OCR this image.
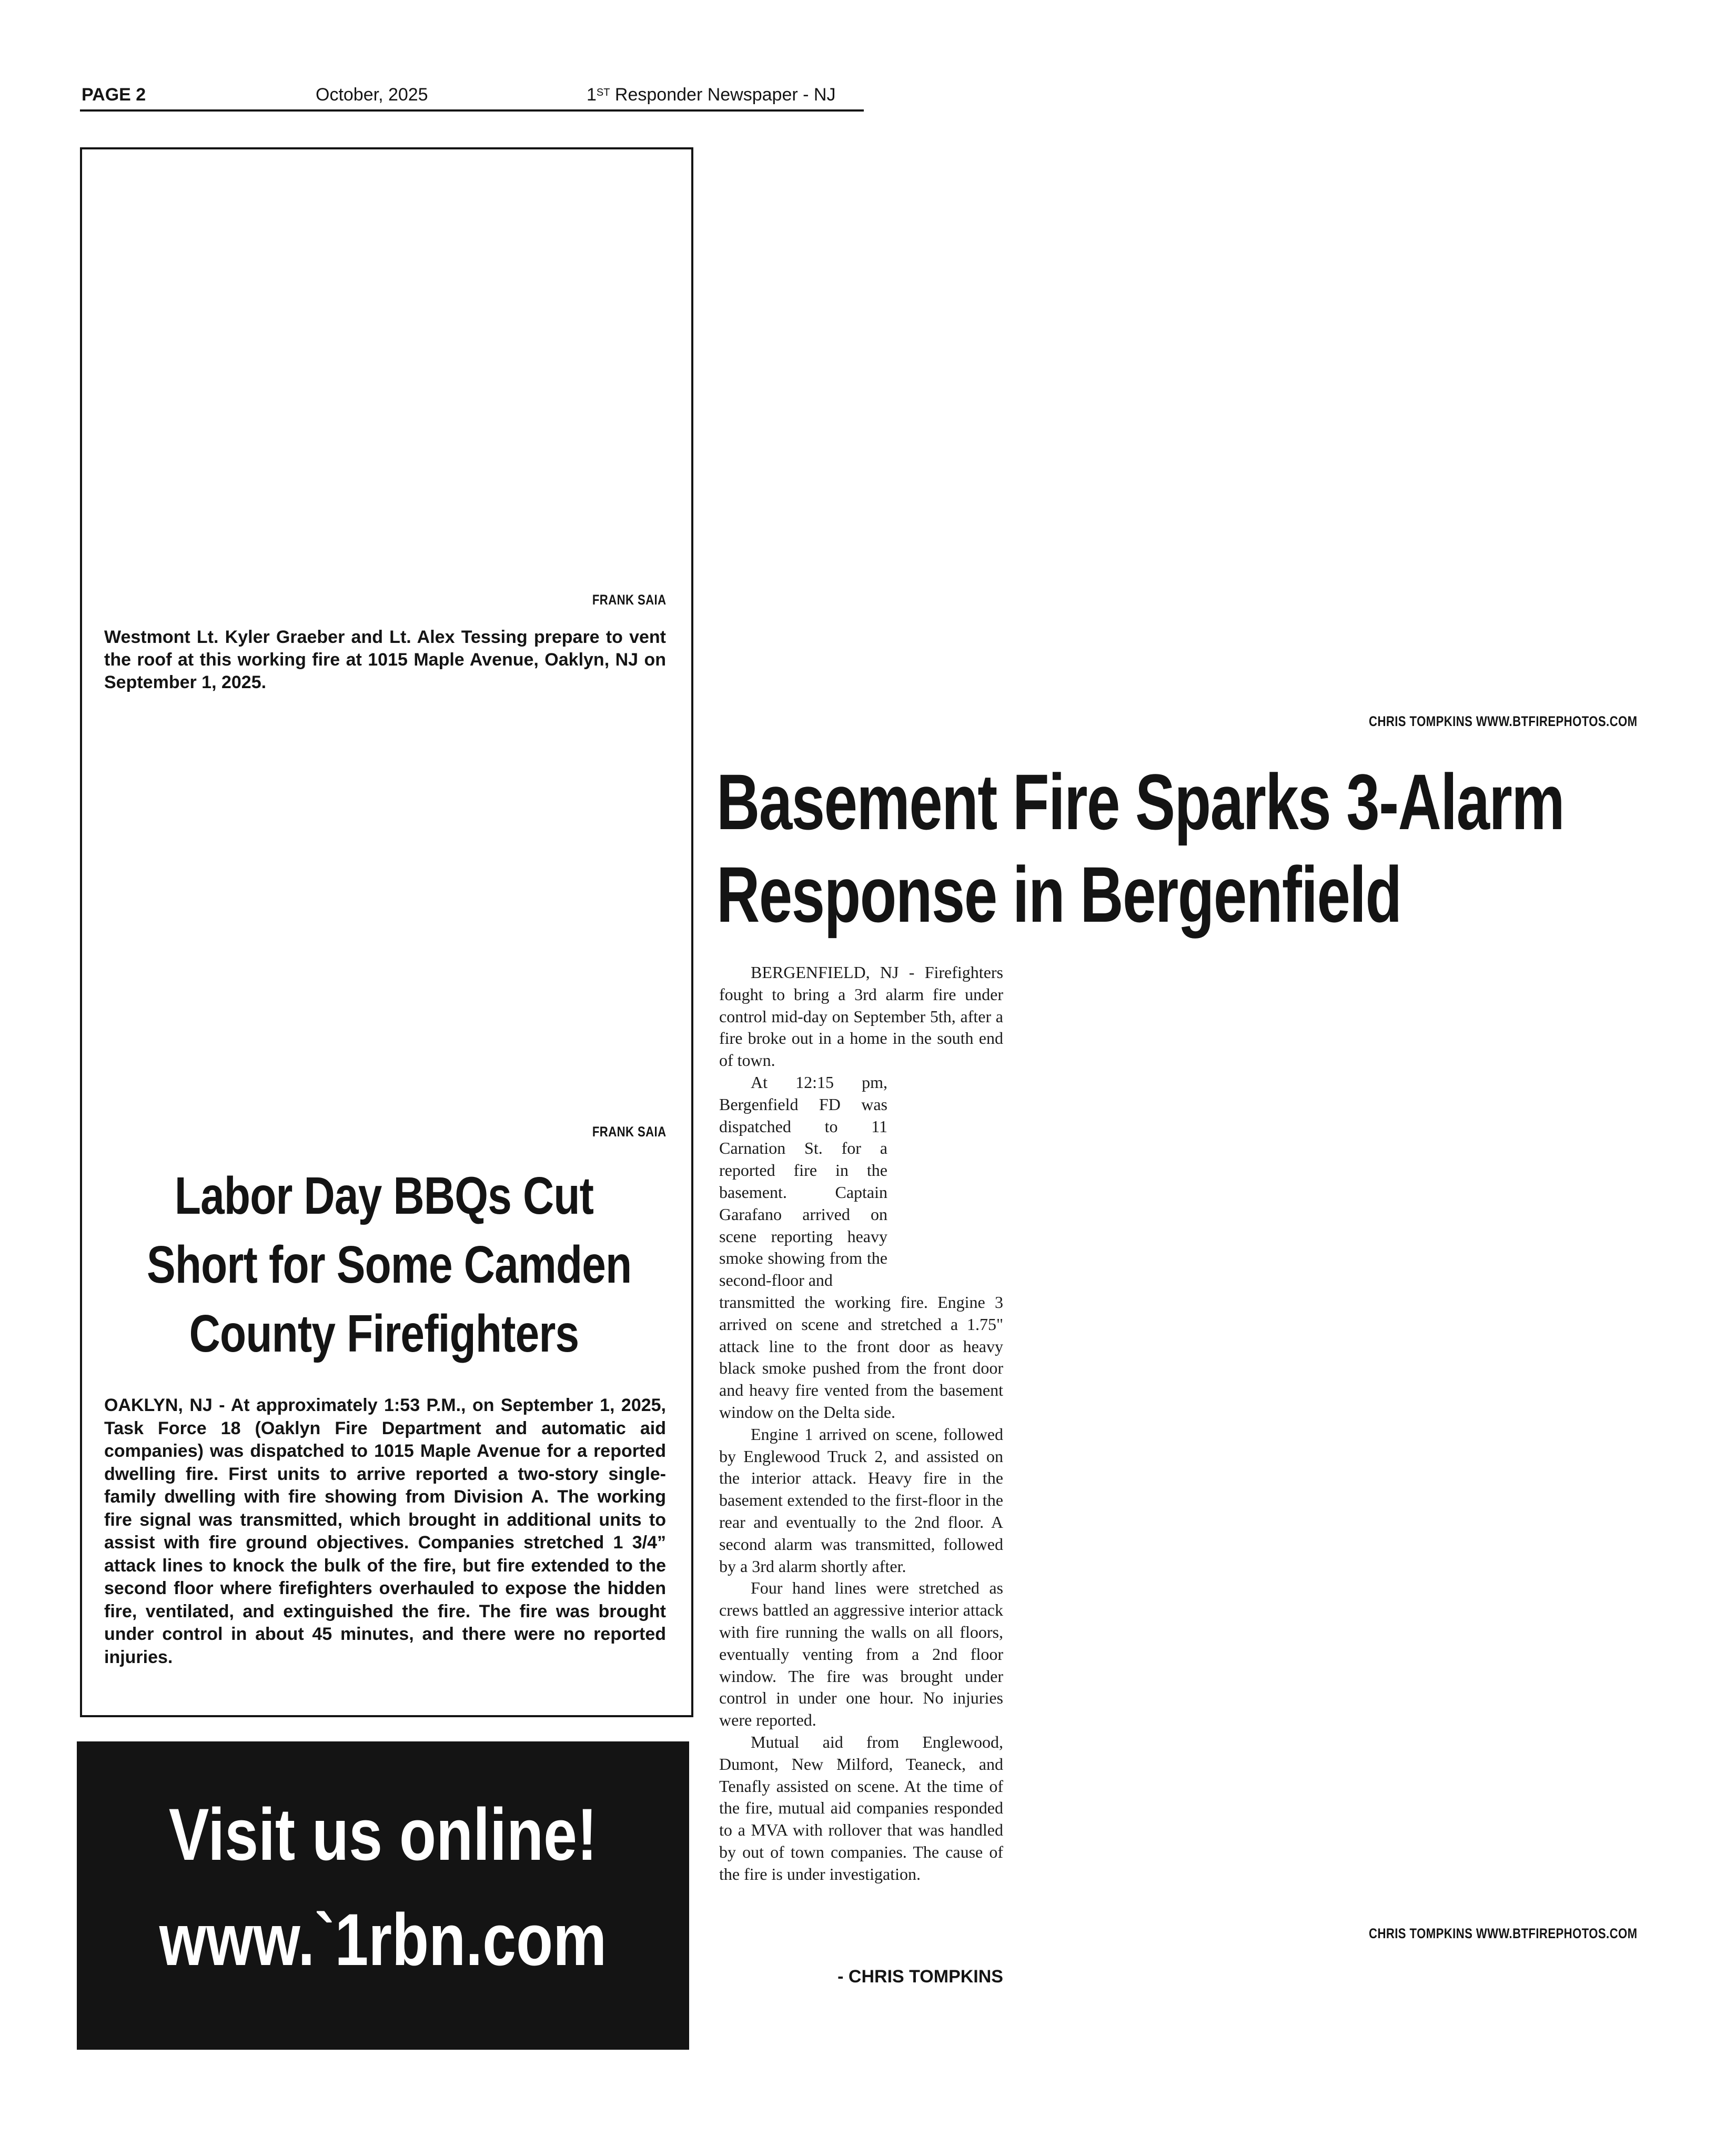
PAGE 2	October, 2025	1ST Responder Newspaper - NJ
FRANK SAIA
Westmont Lt. Kyler Graeber and Lt. Alex Tessing prepare to vent the roof at this working fire at 1015 Maple Avenue, Oaklyn, NJ on September 1, 2025.
FRANK SAIA
Labor Day BBQs Cut
Short for Some Camden
County Firefighters
OAKLYN, NJ - At approximately 1:53 P.M., on September 1, 2025, Task Force 18 (Oaklyn Fire Department and automatic aid companies) was dispatched to 1015 Maple Avenue for a reported dwelling fire. First units to arrive reported a two-story single-family dwelling with fire showing from Division A. The working fire signal was transmitted, which brought in additional units to assist with fire ground objectives. Companies stretched 1 3/4” attack lines to knock the bulk of the fire, but fire extended to the second floor where firefighters overhauled to expose the hidden fire, ventilated, and extinguished the fire. The fire was brought under control in about 45 minutes, and there were no reported injuries.
Visit us online!
www.`1rbn.com
CHRIS TOMPKINS WWW.BTFIREPHOTOS.COM
Basement Fire Sparks 3-Alarm
Response in Bergenfield

BERGENFIELD, NJ - Firefighters fought to bring a 3rd alarm fire under control mid-day on September 5th, after a fire broke out in a home in the south end of town.

At 12:15 pm, Bergenfield FD was dispatched to 11 Carnation St. for a reported fire in the basement. Captain Garafano arrived on scene reporting heavy smoke showing from the second-floor and

transmitted the working fire. Engine 3 arrived on scene and stretched a 1.75" attack line to the front door as heavy black smoke pushed from the front door and heavy fire vented from the basement window on the Delta side.

Engine 1 arrived on scene, followed by Englewood Truck 2, and assisted on the interior attack. Heavy fire in the basement extended to the first-floor in the rear and eventually to the 2nd floor. A second alarm was transmitted, followed by a 3rd alarm shortly after.

Four hand lines were stretched as crews battled an aggressive interior attack with fire running the walls on all floors, eventually venting from a 2nd floor window. The fire was brought under control in under one hour. No injuries were reported.

Mutual aid from Englewood, Dumont, New Milford, Teaneck, and Tenafly assisted on scene. At the time of the fire, mutual aid companies responded to a MVA with rollover that was handled by out of town companies. The cause of the fire is under investigation.

- CHRIS TOMPKINS
CHRIS TOMPKINS WWW.BTFIREPHOTOS.COM
